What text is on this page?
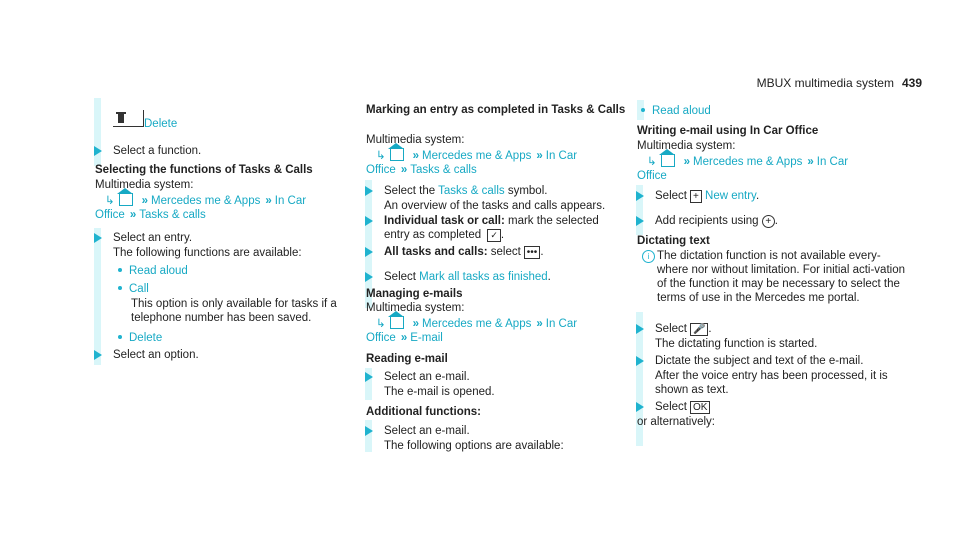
MBUX multimedia system 439
Delete
Select a function.
Selecting the functions of Tasks & Calls
Multimedia system:
↳ » Mercedes me & Apps » In Car
Office » Tasks & calls
Select an entry.
The following functions are available:
Read aloud
Call
This option is only available for tasks if a telephone number has been saved.
Delete
Select an option.
Marking an entry as completed in Tasks & Calls
Multimedia system:
↳ » Mercedes me & Apps » In Car
Office » Tasks & calls
Select the Tasks & calls symbol.
An overview of the tasks and calls appears.
Individual task or call: mark the selected entry as completed ✓ .
All tasks and calls: select ••• .
Select Mark all tasks as finished.
Managing e-mails
Multimedia system:
↳ » Mercedes me & Apps » In Car
Office » E-mail
Reading e-mail
Select an e-mail.
The e-mail is opened.
Additional functions:
Select an e-mail.
The following options are available:
Read aloud
Writing e-mail using In Car Office
Multimedia system:
↳ » Mercedes me & Apps » In Car
Office
Select + New entry.
Add recipients using + .
Dictating text
i The dictation function is not available every-where nor without limitation. For initial acti-vation of the function it may be necessary to select the terms of use in the Mercedes me portal.
Select 🎤 .
The dictating function is started.
Dictate the subject and text of the e-mail.
After the voice entry has been processed, it is shown as text.
Select OK
or alternatively:
